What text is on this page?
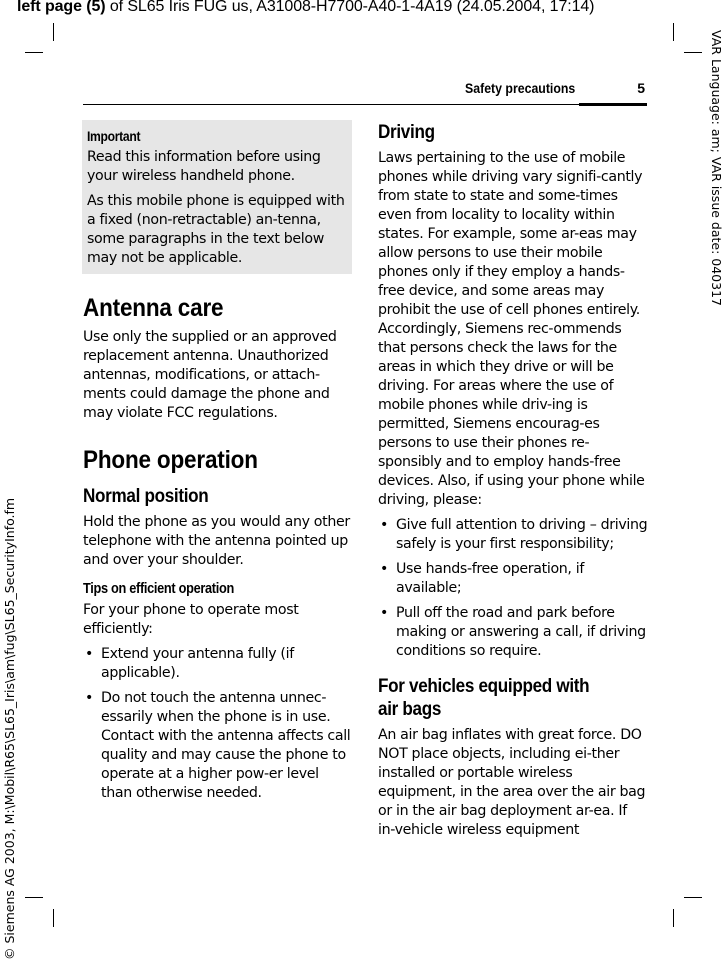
left page (5) of SL65 Iris FUG us, A31008-H7700-A40-1-4A19 (24.05.2004, 17:14)
VAR Language: am; VAR issue date: 040317
© Siemens AG 2003, M:\Mobil\R65\SL65_Iris\am\fug\SL65_SecurityInfo.fm
Safety precautions	5
Important

Read this information before using your wireless handheld phone.

As this mobile phone is equipped with a fixed (non-retractable) an-tenna, some paragraphs in the text below may not be applicable.

Antenna care

Use only the supplied or an approved replacement antenna. Unauthorized antennas, modifications, or attach-ments could damage the phone and may violate FCC regulations.

Phone operation
Normal position

Hold the phone as you would any other telephone with the antenna pointed up and over your shoulder.

Tips on efficient operation

For your phone to operate most efficiently:

• Extend your antenna fully (if applicable).
• Do not touch the antenna unnec-essarily when the phone is in use. Contact with the antenna affects call quality and may cause the phone to operate at a higher pow-er level than otherwise needed.
Driving

Laws pertaining to the use of mobile phones while driving vary signifi-cantly from state to state and some-times even from locality to locality within states. For example, some ar-eas may allow persons to use their mobile phones only if they employ a hands-free device, and some areas may prohibit the use of cell phones entirely. Accordingly, Siemens rec-ommends that persons check the laws for the areas in which they drive or will be driving. For areas where the use of mobile phones while driv-ing is permitted, Siemens encourag-es persons to use their phones re-sponsibly and to employ hands-free devices. Also, if using your phone while driving, please:

• Give full attention to driving – driving safely is your first responsibility;
• Use hands-free operation, if available;
• Pull off the road and park before making or answering a call, if driving conditions so require.
For vehicles equipped with
air bags

An air bag inflates with great force. DO NOT place objects, including ei-ther installed or portable wireless equipment, in the area over the air bag or in the air bag deployment ar-ea. If in-vehicle wireless equipment
